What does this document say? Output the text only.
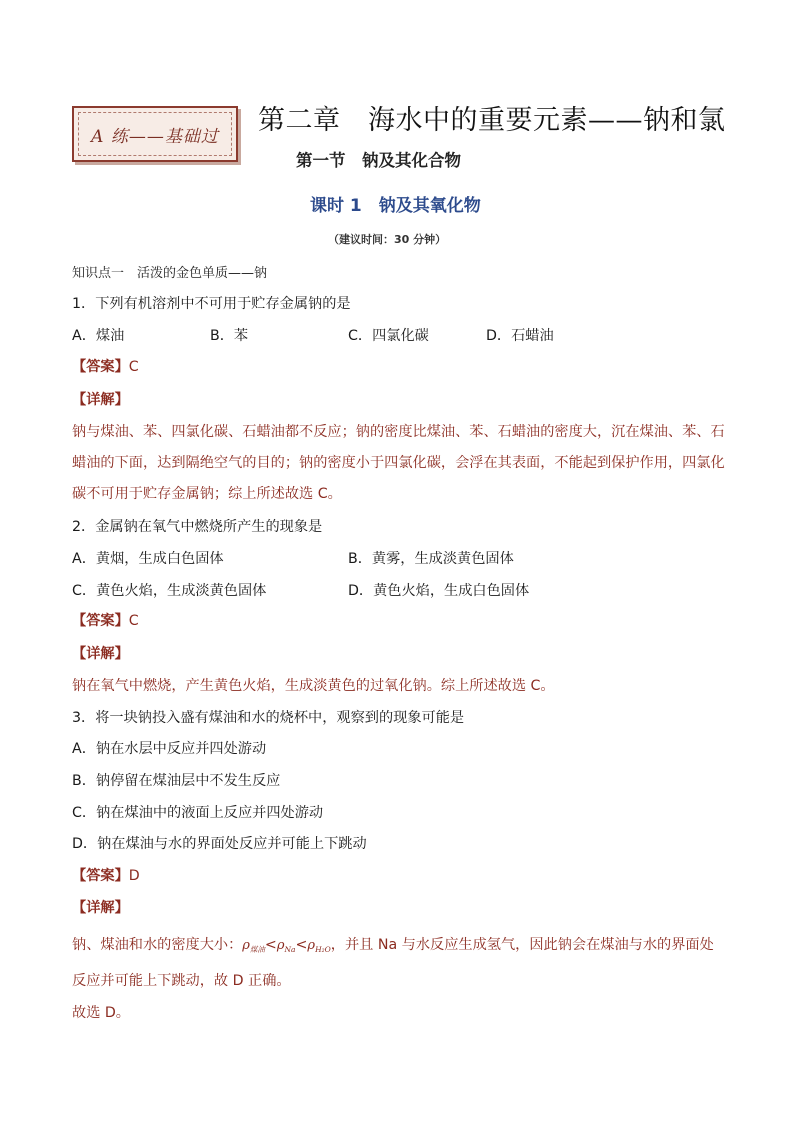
A 练——基础过
第二章　海水中的重要元素——钠和氯
第一节　钠及其化合物
课时 1　钠及其氧化物
（建议时间：30 分钟）
知识点一　活泼的金色单质——钠
1．下列有机溶剂中不可用于贮存金属钠的是
A．煤油	B．苯	C．四氯化碳	D．石蜡油
【答案】C
【详解】
钠与煤油、苯、四氯化碳、石蜡油都不反应；钠的密度比煤油、苯、石蜡油的密度大，沉在煤油、苯、石
蜡油的下面，达到隔绝空气的目的；钠的密度小于四氯化碳，会浮在其表面，不能起到保护作用，四氯化
碳不可用于贮存金属钠；综上所述故选 C。
2．金属钠在氧气中燃烧所产生的现象是
A．黄烟，生成白色固体	B．黄雾，生成淡黄色固体
C．黄色火焰，生成淡黄色固体	D．黄色火焰，生成白色固体
【答案】C
【详解】
钠在氧气中燃烧，产生黄色火焰，生成淡黄色的过氧化钠。综上所述故选 C。
3．将一块钠投入盛有煤油和水的烧杯中，观察到的现象可能是
A．钠在水层中反应并四处游动
B．钠停留在煤油层中不发生反应
C．钠在煤油中的液面上反应并四处游动
D．钠在煤油与水的界面处反应并可能上下跳动
【答案】D
【详解】
钠、煤油和水的密度大小：$\rho_{煤油}<\rho_{Na}<\rho_{H_2O}$，并且 Na 与水反应生成氢气，因此钠会在煤油与水的界面处
反应并可能上下跳动，故 D 正确。
故选 D。
